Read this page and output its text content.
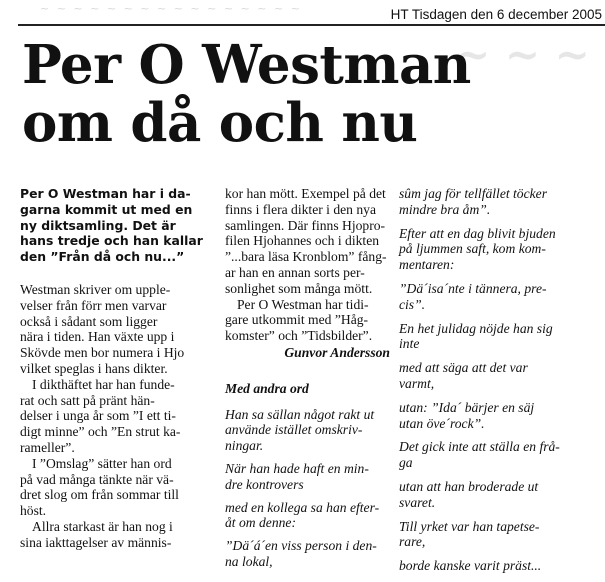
~ ~ ~ ~ ~ ~ ~ ~ ~ ~ ~ ~ ~ ~ ~ ~
~ ~ ~
HT Tisdagen den 6 december 2005
Per O Westman
om då och nu
Per O Westman har i da-
garna kommit ut med en
ny diktsamling. Det är
hans tredje och han kallar
den ”Från då och nu...”
Westman skriver om upple-
velser från förr men varvar
också i sådant som ligger
nära i tiden. Han växte upp i
Skövde men bor numera i Hjo
vilket speglas i hans dikter.
I dikthäftet har han funde-
rat och satt på pränt hän-
delser i unga år som ”I ett ti-
digt minne” och ”En strut ka-
rameller”.
I ”Omslag” sätter han ord
på vad många tänkte när vä-
dret slog om från sommar till
höst.
Allra starkast är han nog i
sina iakttagelser av männis-
kor han mött. Exempel på det
finns i flera dikter i den nya
samlingen. Där finns Hjopro-
filen Hjohannes och i dikten
”...bara läsa Kronblom” fång-
ar han en annan sorts per-
sonlighet som många mött.
Per O Westman har tidi-
gare utkommit med ”Håg-
komster” och ”Tidsbilder”.
Gunvor Andersson
Med andra ord

Han sa sällan något rakt ut
använde istället omskriv-
ningar.

När han hade haft en min-
dre kontrovers

med en kollega sa han efter-
åt om denne:

”Dä´á´en viss person i den-
na lokal,

sûm jag för tellfället töcker
mindre bra åm”.

Efter att en dag blivit bjuden
på ljummen saft, kom kom-
mentaren:

”Dä´isa´nte i tännera, pre-
cis”.

En het julidag nöjde han sig
inte

med att säga att det var
varmt,

utan: ”Ida´ bärjer en säj
utan öve´rock”.

Det gick inte att ställa en frå-
ga

utan att han broderade ut
svaret.

Till yrket var han tapetse-
rare,

borde kanske varit präst...
